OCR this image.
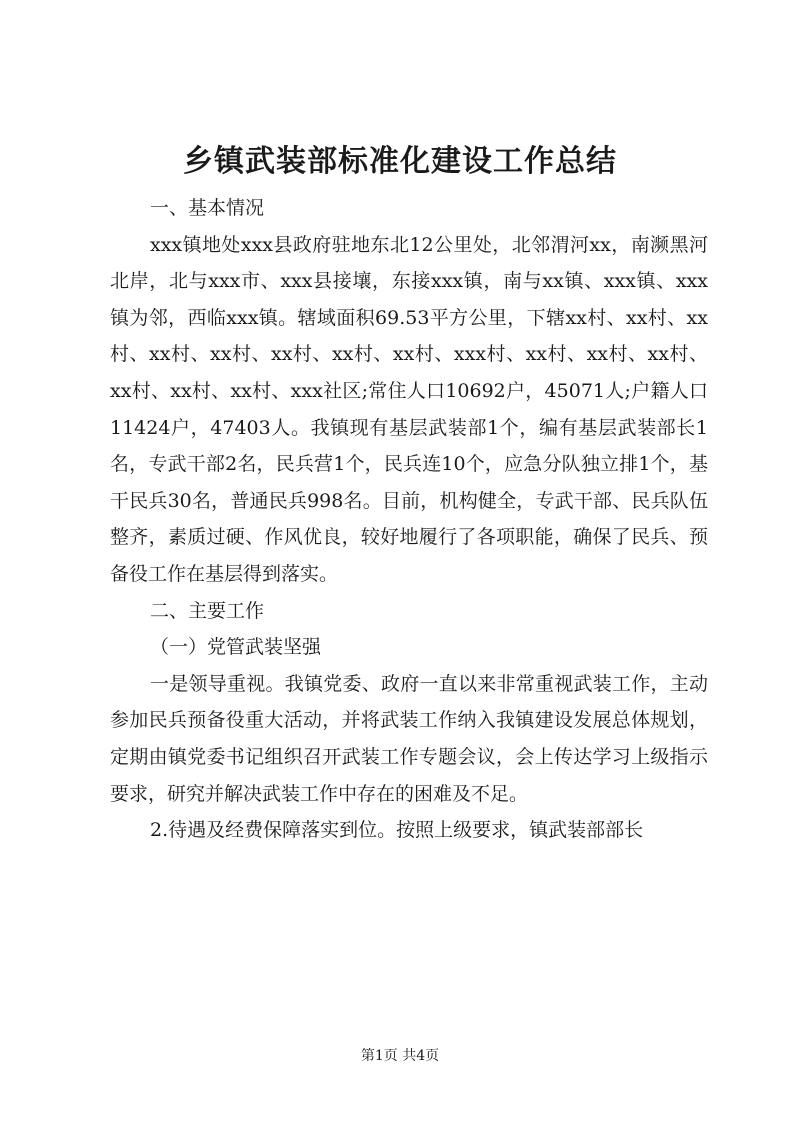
乡镇武装部标准化建设工作总结

一、基本情况

xxx镇地处xxx县政府驻地东北12公里处，北邻渭河xx，南濒黑河北岸，北与xxx市、xxx县接壤，东接xxx镇，南与xx镇、xxx镇、xxx镇为邻，西临xxx镇。辖域面积69.53平方公里，下辖xx村、xx村、xx村、xx村、xx村、xx村、xx村、xx村、xxx村、xx村、xx村、xx村、xx村、xx村、xx村、xxx社区;常住人口10692户，45071人;户籍人口11424户，47403人。我镇现有基层武装部1个，编有基层武装部长1名，专武干部2名，民兵营1个，民兵连10个，应急分队独立排1个，基干民兵30名，普通民兵998名。目前，机构健全，专武干部、民兵队伍整齐，素质过硬、作风优良，较好地履行了各项职能，确保了民兵、预备役工作在基层得到落实。

二、主要工作

（一）党管武装坚强

一是领导重视。我镇党委、政府一直以来非常重视武装工作，主动参加民兵预备役重大活动，并将武装工作纳入我镇建设发展总体规划，定期由镇党委书记组织召开武装工作专题会议，会上传达学习上级指示要求，研究并解决武装工作中存在的困难及不足。

2.待遇及经费保障落实到位。按照上级要求，镇武装部部长

第1页 共4页
